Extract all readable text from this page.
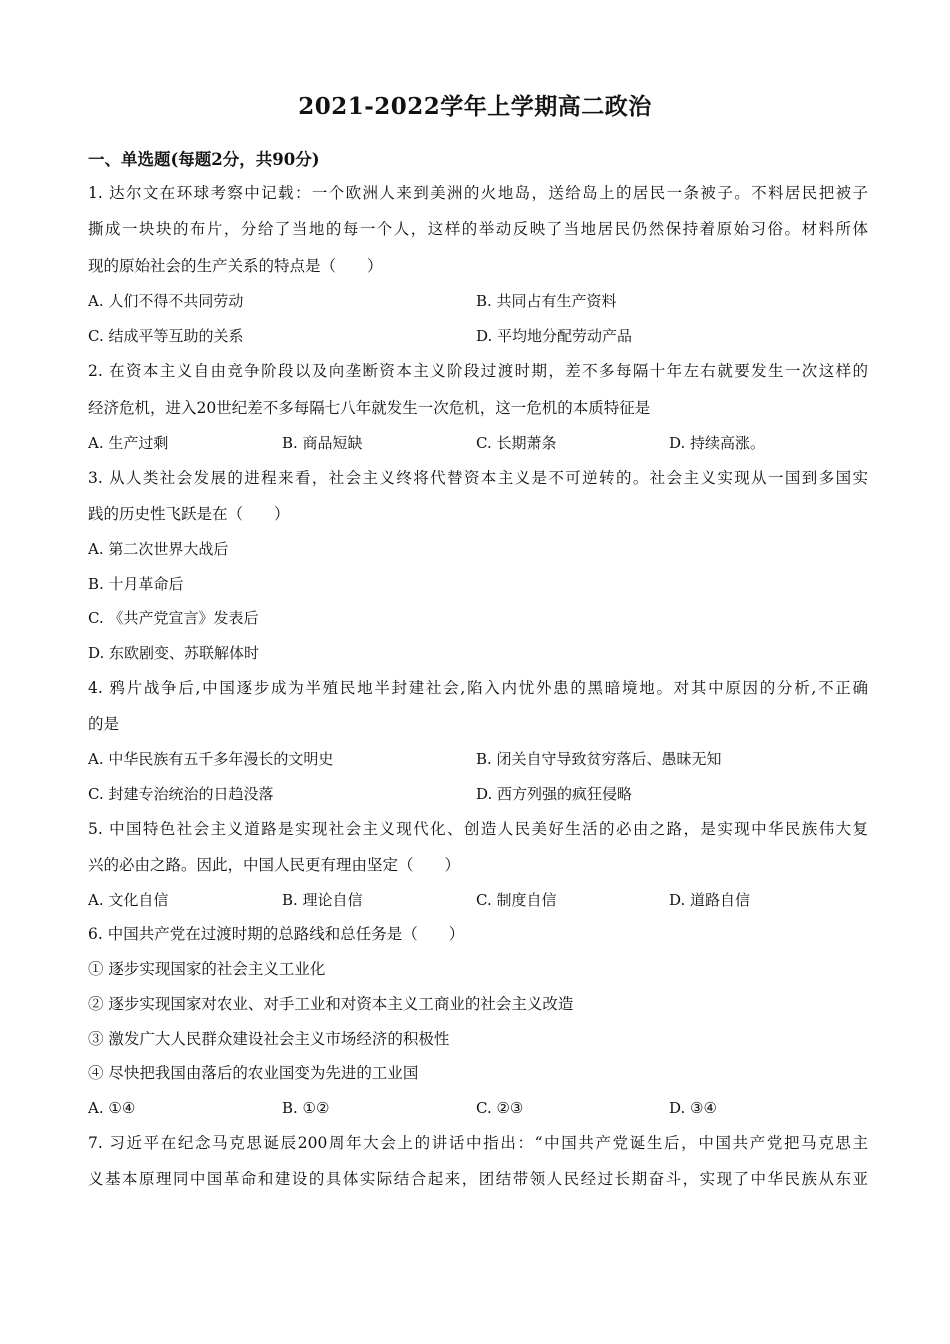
2021-2022学年上学期高二政治
一、单选题(每题2分，共90分)
1. 达尔文在环球考察中记载：一个欧洲人来到美洲的火地岛，送给岛上的居民一条被子。不料居民把被子
撕成一块块的布片，分给了当地的每一个人，这样的举动反映了当地居民仍然保持着原始习俗。材料所体
现的原始社会的生产关系的特点是（　　）
A. 人们不得不共同劳动	B. 共同占有生产资料
C. 结成平等互助的关系	D. 平均地分配劳动产品
2. 在资本主义自由竞争阶段以及向垄断资本主义阶段过渡时期，差不多每隔十年左右就要发生一次这样的
经济危机，进入20世纪差不多每隔七八年就发生一次危机，这一危机的本质特征是
A. 生产过剩	B. 商品短缺	C. 长期萧条	D. 持续高涨。
3. 从人类社会发展的进程来看，社会主义终将代替资本主义是不可逆转的。社会主义实现从一国到多国实
践的历史性飞跃是在（　　）
A. 第二次世界大战后
B. 十月革命后
C. 《共产党宣言》发表后
D. 东欧剧变、苏联解体时
4. 鸦片战争后,中国逐步成为半殖民地半封建社会,陷入内忧外患的黑暗境地。对其中原因的分析,不正确
的是
A. 中华民族有五千多年漫长的文明史	B. 闭关自守导致贫穷落后、愚昧无知
C. 封建专治统治的日趋没落	D. 西方列强的疯狂侵略
5. 中国特色社会主义道路是实现社会主义现代化、创造人民美好生活的必由之路，是实现中华民族伟大复
兴的必由之路。因此，中国人民更有理由坚定（　　）
A. 文化自信	B. 理论自信	C. 制度自信	D. 道路自信
6. 中国共产党在过渡时期的总路线和总任务是（　　）
① 逐步实现国家的社会主义工业化
② 逐步实现国家对农业、对手工业和对资本主义工商业的社会主义改造
③ 激发广大人民群众建设社会主义市场经济的积极性
④ 尽快把我国由落后的农业国变为先进的工业国
A. ①④	B. ①②	C. ②③	D. ③④
7. 习近平在纪念马克思诞辰200周年大会上的讲话中指出：“中国共产党诞生后，中国共产党把马克思主
义基本原理同中国革命和建设的具体实际结合起来，团结带领人民经过长期奋斗，实现了中华民族从东亚
